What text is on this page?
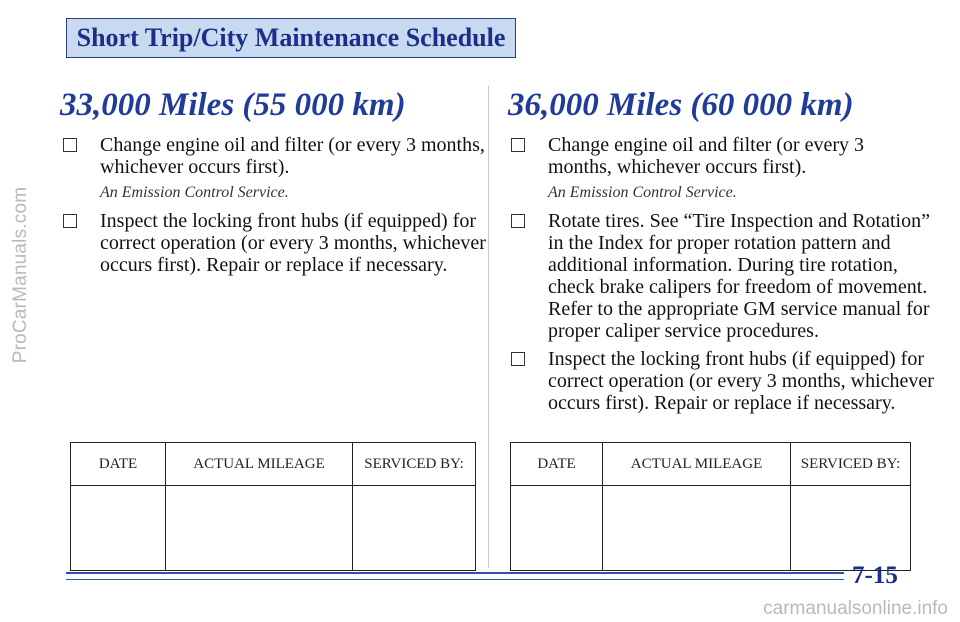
ProCarManuals.com
Short Trip/City Maintenance Schedule
33,000 Miles (55 000 km)
Change engine oil and filter (or every 3 months, whichever occurs first).
An Emission Control Service.
Inspect the locking front hubs (if equipped) for correct operation (or every 3 months, whichever occurs first). Repair or replace if necessary.
DATE	ACTUAL MILEAGE	SERVICED BY:

36,000 Miles (60 000 km)
Change engine oil and filter (or every 3 months, whichever occurs first).
An Emission Control Service.
Rotate tires. See “Tire Inspection and Rotation” in the Index for proper rotation pattern and additional information. During tire rotation, check brake calipers for freedom of movement. Refer to the appropriate GM service manual for proper caliper service procedures.
Inspect the locking front hubs (if equipped) for correct operation (or every 3 months, whichever occurs first). Repair or replace if necessary.
DATE	ACTUAL MILEAGE	SERVICED BY:

7-15
carmanualsonline.info
